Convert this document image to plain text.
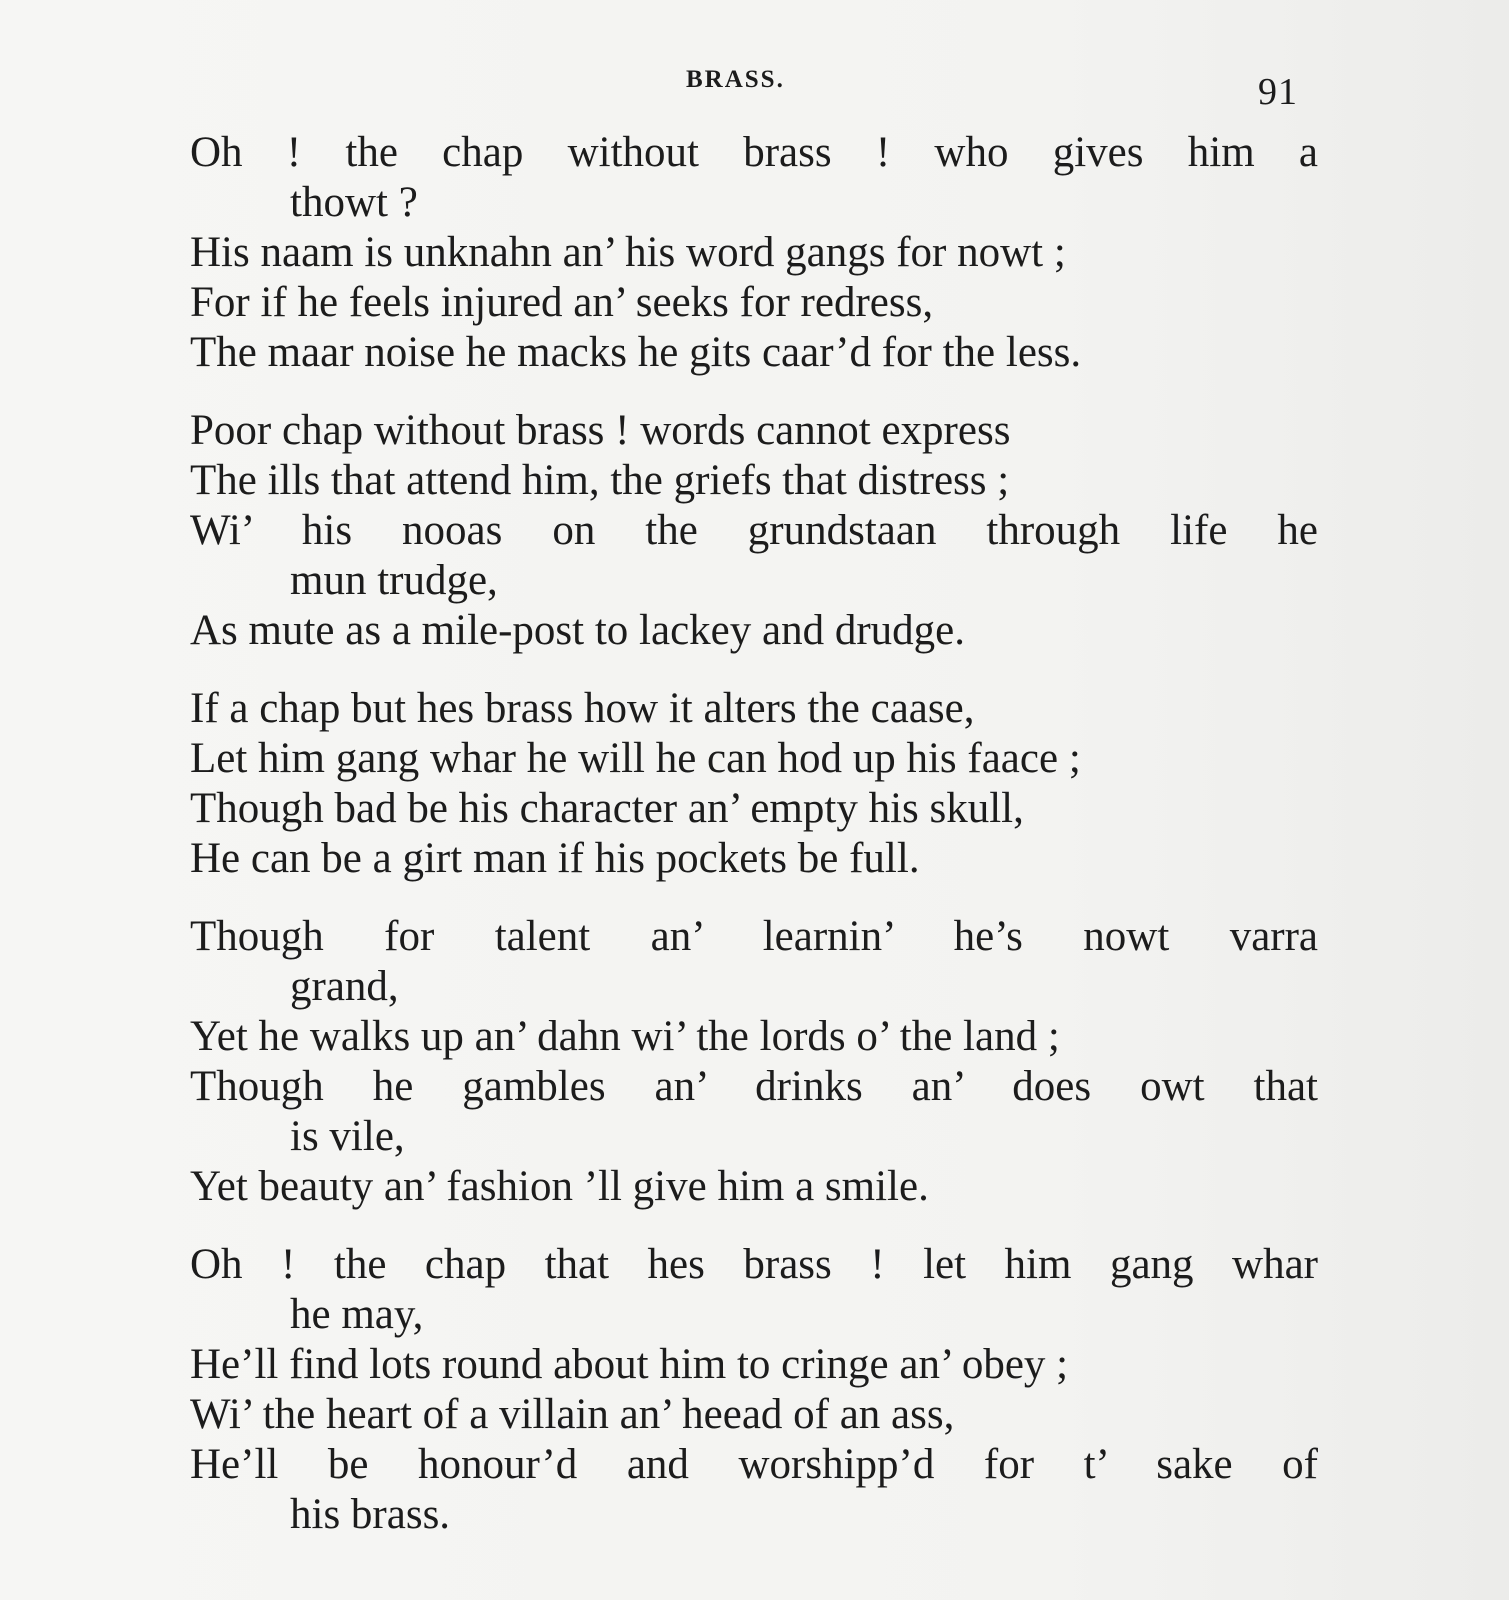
BRASS.	91
Oh ! the chap without brass ! who gives him a
thowt ?
His naam is unknahn an’ his word gangs for nowt ;
For if he feels injured an’ seeks for redress,
The maar noise he macks he gits caar’d for the less.
Poor chap without brass ! words cannot express
The ills that attend him, the griefs that distress ;
Wi’ his nooas on the grundstaan through life he
mun trudge,
As mute as a mile-post to lackey and drudge.
If a chap but hes brass how it alters the caase,
Let him gang whar he will he can hod up his faace ;
Though bad be his character an’ empty his skull,
He can be a girt man if his pockets be full.
Though for talent an’ learnin’ he’s nowt varra
grand,
Yet he walks up an’ dahn wi’ the lords o’ the land ;
Though he gambles an’ drinks an’ does owt that
is vile,
Yet beauty an’ fashion ’ll give him a smile.
Oh ! the chap that hes brass ! let him gang whar
he may,
He’ll find lots round about him to cringe an’ obey ;
Wi’ the heart of a villain an’ heead of an ass,
He’ll be honour’d and worshipp’d for t’ sake of
his brass.
